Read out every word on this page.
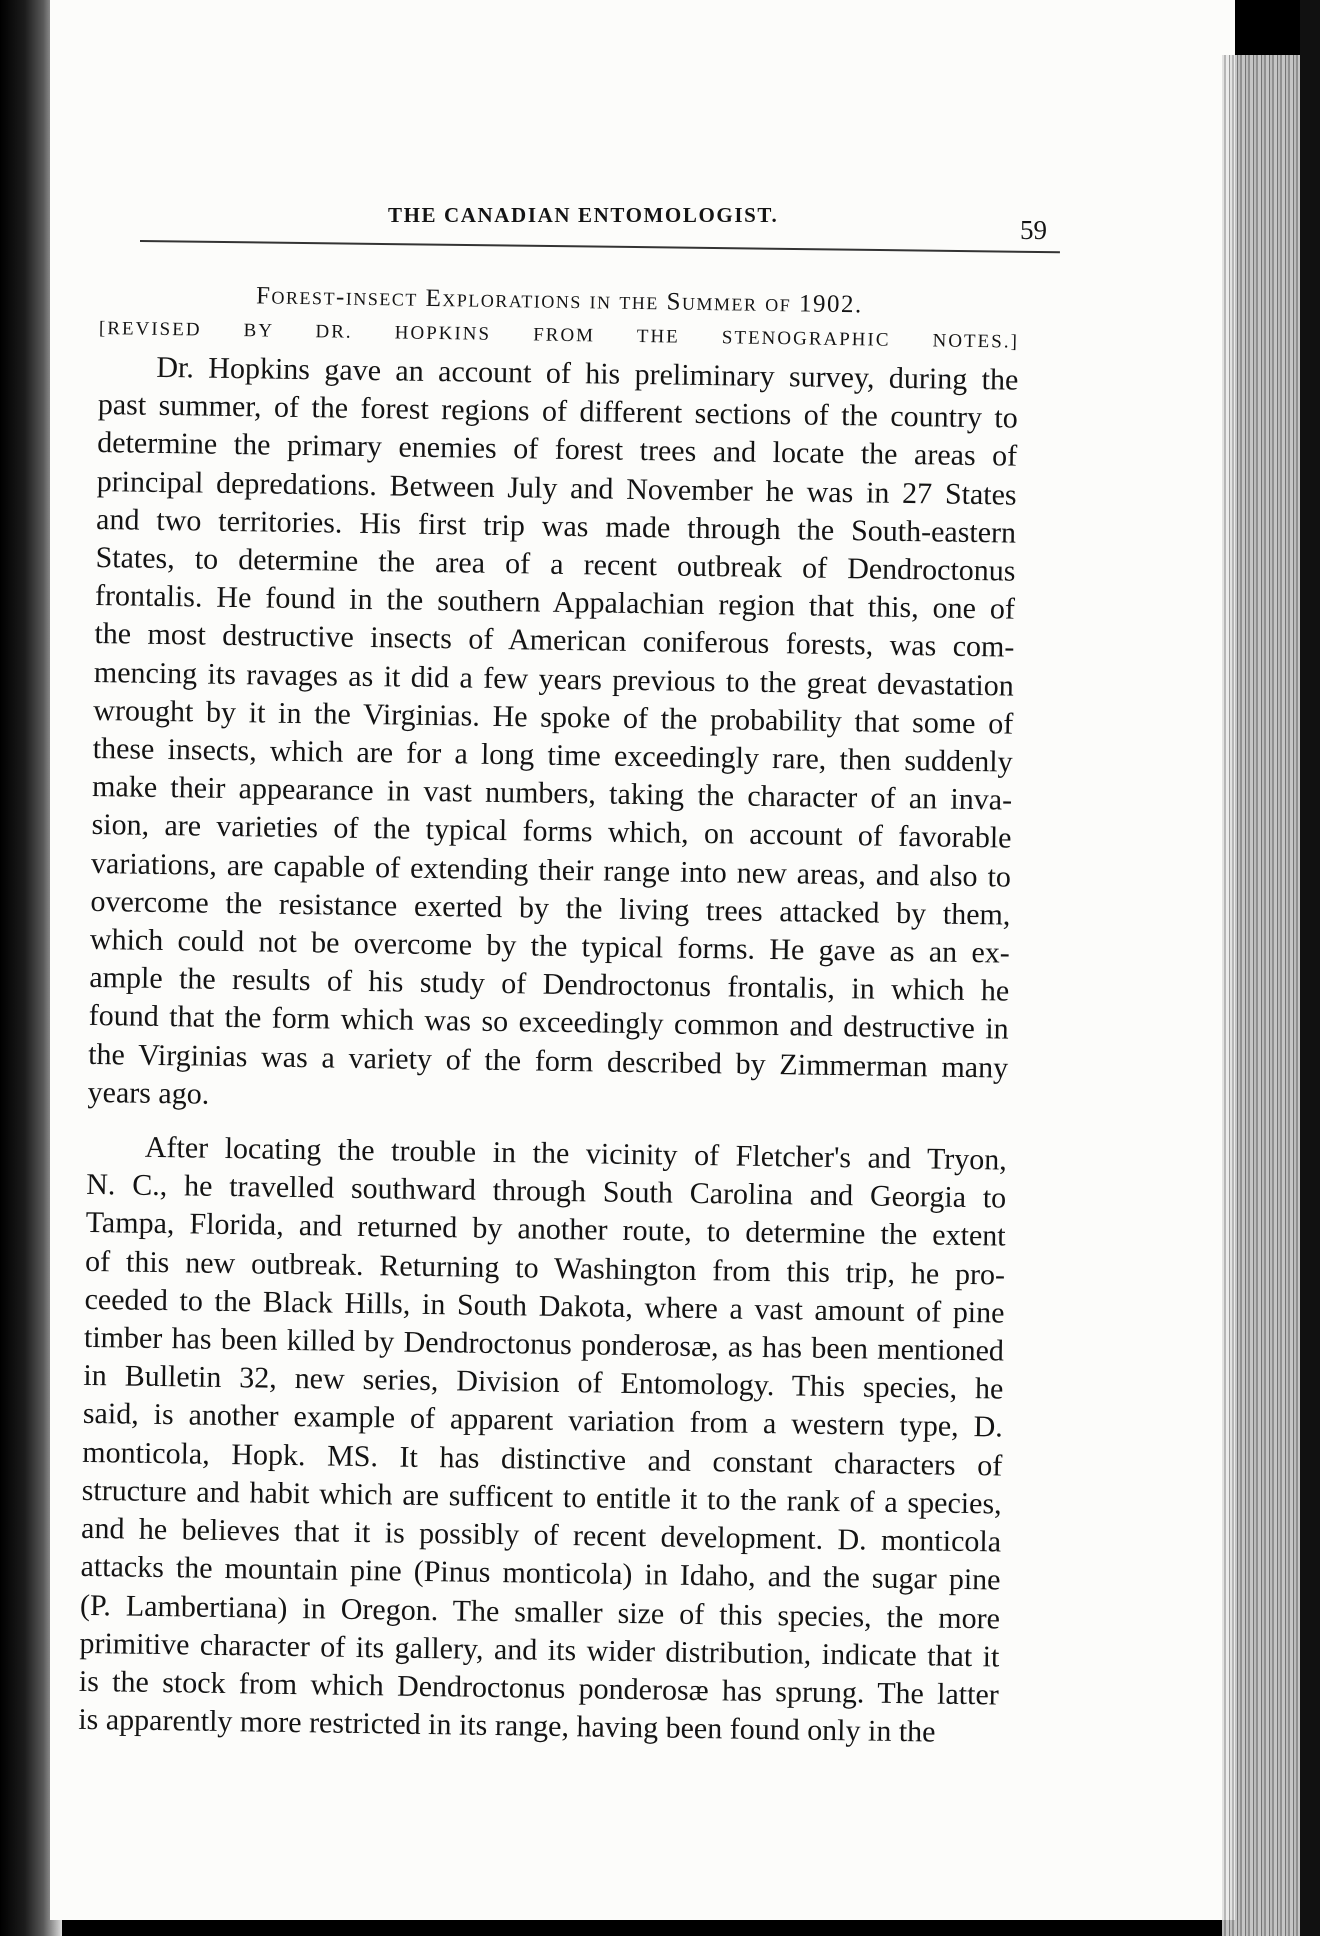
THE CANADIAN ENTOMOLOGIST.	59
Forest-insect Explorations in the Summer of 1902.
[REVISED BY DR. HOPKINS FROM THE STENOGRAPHIC NOTES.]
Dr. Hopkins gave an account of his preliminary survey, during the
past summer, of the forest regions of different sections of the country to
determine the primary enemies of forest trees and locate the areas of
principal depredations. Between July and November he was in 27 States
and two territories. His first trip was made through the South-eastern
States, to determine the area of a recent outbreak of Dendroctonus
frontalis. He found in the southern Appalachian region that this, one of
the most destructive insects of American coniferous forests, was com-
mencing its ravages as it did a few years previous to the great devastation
wrought by it in the Virginias. He spoke of the probability that some of
these insects, which are for a long time exceedingly rare, then suddenly
make their appearance in vast numbers, taking the character of an inva-
sion, are varieties of the typical forms which, on account of favorable
variations, are capable of extending their range into new areas, and also to
overcome the resistance exerted by the living trees attacked by them,
which could not be overcome by the typical forms. He gave as an ex-
ample the results of his study of Dendroctonus frontalis, in which he
found that the form which was so exceedingly common and destructive in
the Virginias was a variety of the form described by Zimmerman many
years ago.
After locating the trouble in the vicinity of Fletcher's and Tryon,
N. C., he travelled southward through South Carolina and Georgia to
Tampa, Florida, and returned by another route, to determine the extent
of this new outbreak. Returning to Washington from this trip, he pro-
ceeded to the Black Hills, in South Dakota, where a vast amount of pine
timber has been killed by Dendroctonus ponderosæ, as has been mentioned
in Bulletin 32, new series, Division of Entomology. This species, he
said, is another example of apparent variation from a western type, D.
monticola, Hopk. MS. It has distinctive and constant characters of
structure and habit which are sufficent to entitle it to the rank of a species,
and he believes that it is possibly of recent development. D. monticola
attacks the mountain pine (Pinus monticola) in Idaho, and the sugar pine
(P. Lambertiana) in Oregon. The smaller size of this species, the more
primitive character of its gallery, and its wider distribution, indicate that it
is the stock from which Dendroctonus ponderosæ has sprung. The latter
is apparently more restricted in its range, having been found only in the
